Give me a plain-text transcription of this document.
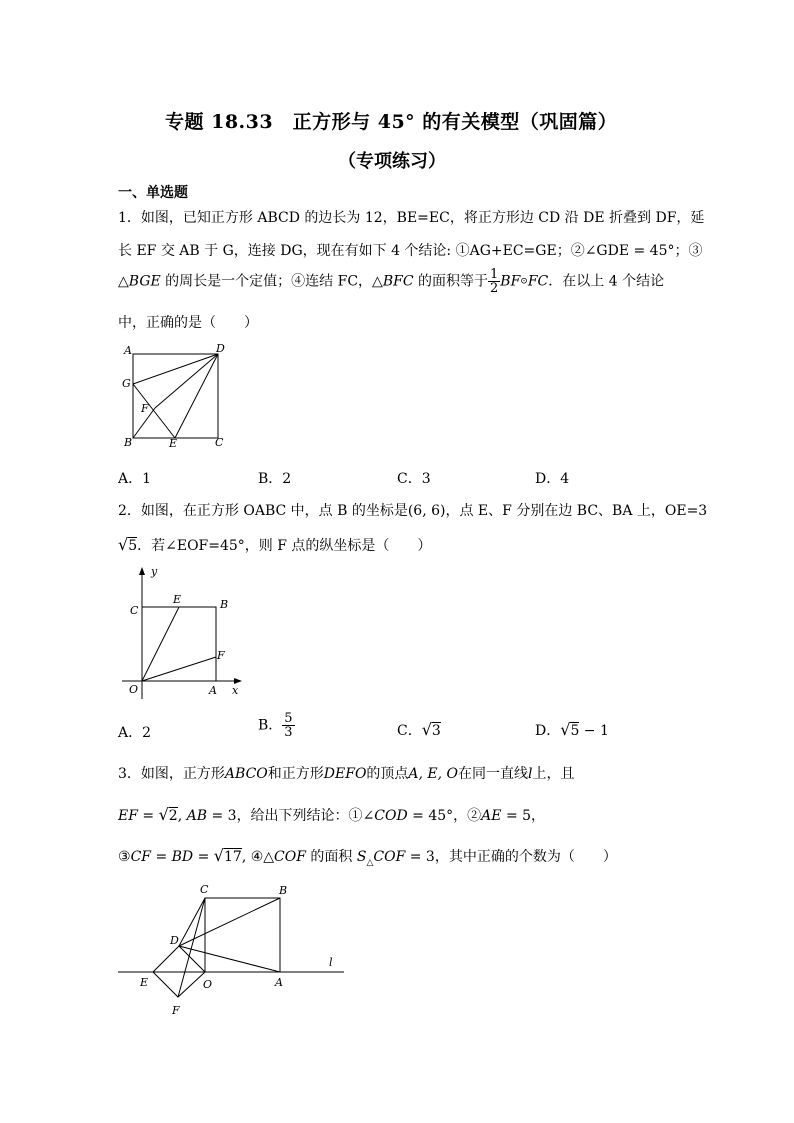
专题 18.33　正方形与 45° 的有关模型（巩固篇）
（专项练习）
一、单选题
1．如图，已知正方形 ABCD 的边长为 12，BE=EC，将正方形边 CD 沿 DE 折叠到 DF，延
长 EF 交 AB 于 G，连接 DG，现在有如下 4 个结论: ①AG+EC=GE；②∠GDE = 45°；③
△BGE 的周长是一个定值；④连结 FC，△BFC 的面积等于 $\frac{1}{2}$ BF⊙FC．在以上 4 个结论
中，正确的是（　　）
A	D
G
F
B	E	C
A．1	B．2	C．3	D．4
2．如图，在正方形 OABC 中，点 B 的坐标是(6, 6)，点 E、F 分别在边 BC、BA 上，OE=3
√5．若∠EOF=45°，则 F 点的纵坐标是（　　）
y
C
E	B
F
O	A x
A．2	B． $\frac{5}{3}$	C．√3	D．√5 − 1
3．如图，正方形ABCO和正方形DEFO的顶点A, E, O在同一直线l上，且
EF = √2, AB = 3，给出下列结论：①∠COD = 45°，②AE = 5，
③CF = BD = √17, ④△COF 的面积 $S_\triangle COF = 3$，其中正确的个数为（　　）
C	B
D
l
E	O	A
F
